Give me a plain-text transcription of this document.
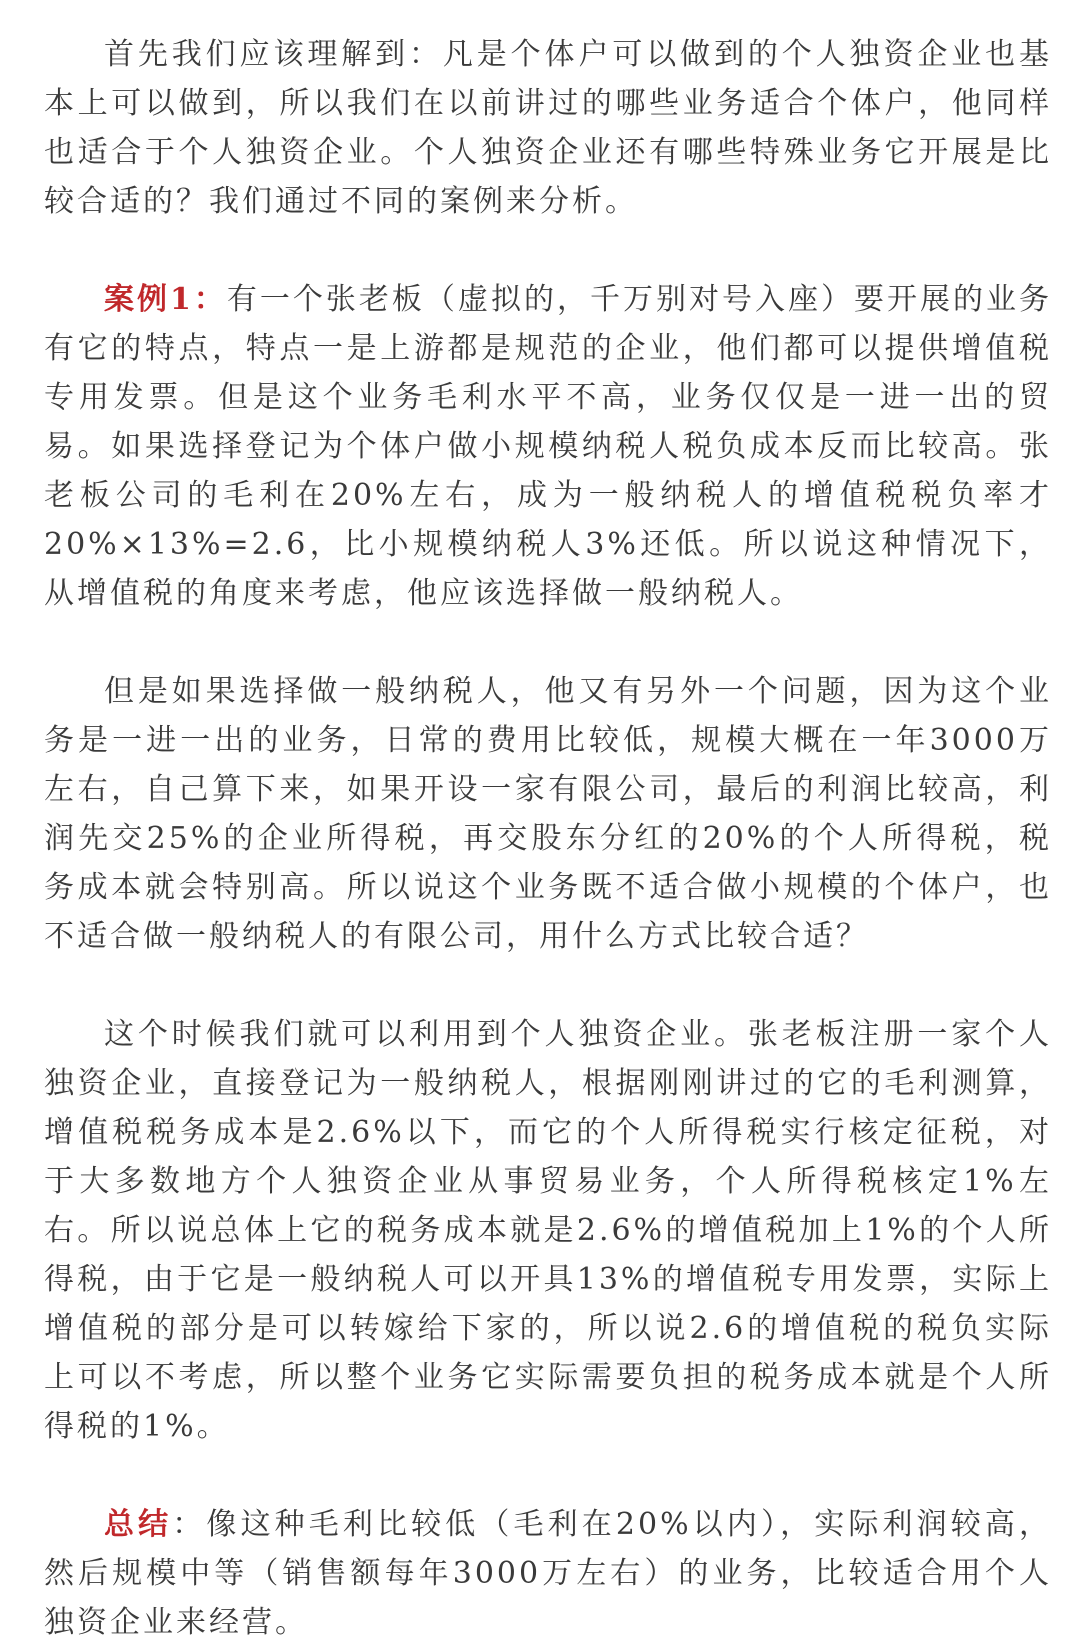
首先我们应该理解到：凡是个体户可以做到的个人独资企业也基本上可以做到，所以我们在以前讲过的哪些业务适合个体户，他同样也适合于个人独资企业。个人独资企业还有哪些特殊业务它开展是比较合适的？我们通过不同的案例来分析。

案例1：有一个张老板（虚拟的，千万别对号入座）要开展的业务有它的特点，特点一是上游都是规范的企业，他们都可以提供增值税专用发票。但是这个业务毛利水平不高，业务仅仅是一进一出的贸易。如果选择登记为个体户做小规模纳税人税负成本反而比较高。张老板公司的毛利在20%左右，成为一般纳税人的增值税税负率才20%×13%=2.6，比小规模纳税人3%还低。所以说这种情况下，从增值税的角度来考虑，他应该选择做一般纳税人。

但是如果选择做一般纳税人，他又有另外一个问题，因为这个业务是一进一出的业务，日常的费用比较低，规模大概在一年3000万左右，自己算下来，如果开设一家有限公司，最后的利润比较高，利润先交25%的企业所得税，再交股东分红的20%的个人所得税，税务成本就会特别高。所以说这个业务既不适合做小规模的个体户，也不适合做一般纳税人的有限公司，用什么方式比较合适？

这个时候我们就可以利用到个人独资企业。张老板注册一家个人独资企业，直接登记为一般纳税人，根据刚刚讲过的它的毛利测算，增值税税务成本是2.6%以下，而它的个人所得税实行核定征税，对于大多数地方个人独资企业从事贸易业务，个人所得税核定1%左右。所以说总体上它的税务成本就是2.6%的增值税加上1%的个人所得税，由于它是一般纳税人可以开具13%的增值税专用发票，实际上增值税的部分是可以转嫁给下家的，所以说2.6的增值税的税负实际上可以不考虑，所以整个业务它实际需要负担的税务成本就是个人所得税的1%。

总结：像这种毛利比较低（毛利在20%以内），实际利润较高，然后规模中等（销售额每年3000万左右）的业务，比较适合用个人独资企业来经营。
